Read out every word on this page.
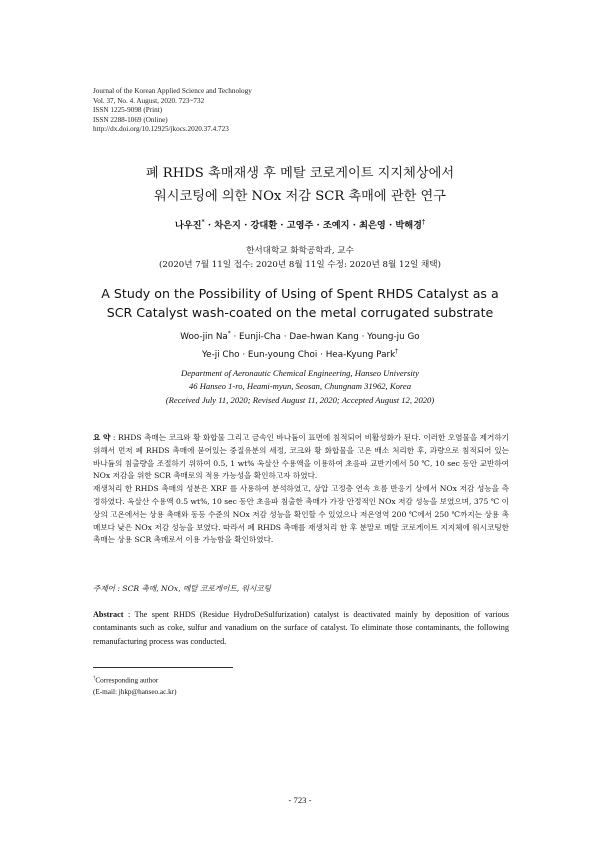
Journal of the Korean Applied Science and Technology
Vol. 37, No. 4. August, 2020. 723~732
ISSN 1225-9098 (Print)
ISSN 2288-1069 (Online)
http://dx.doi.org/10.12925/jkocs.2020.37.4.723
폐 RHDS 촉매재생 후 메탈 코로게이트 지지체상에서
워시코팅에 의한 NOx 저감 SCR 촉매에 관한 연구
나우진* · 차은지 · 강대환 · 고영주 · 조예지 · 최은영 · 박해경†
한서대학교 화학공학과, 교수
(2020년 7월 11일 접수: 2020년 8월 11일 수정: 2020년 8월 12일 채택)
A Study on the Possibility of Using of Spent RHDS Catalyst as a
SCR Catalyst wash-coated on the metal corrugated substrate
Woo-jin Na* · Eunji-Cha · Dae-hwan Kang · Young-ju Go
Ye-ji Cho · Eun-young Choi · Hea-Kyung Park†
Department of Aeronautic Chemical Engineering, Hanseo University
46 Hanseo 1-ro, Heami-myun, Seosan, Chungnam 31962, Korea
(Received July 11, 2020; Revised August 11, 2020; Accepted August 12, 2020)

요 약 : RHDS 촉매는 코크와 황 화합물 그리고 금속인 바나듐이 표면에 침적되어 비활성화가 된다. 이러한 오염물을 제거하기 위해서 먼저 폐 RHDS 촉매에 묻어있는 중질유분의 세정, 코크와 황 화합물을 고온 배소 처리한 후, 과량으로 침적되어 있는 바나듐의 침출량을 조절하기 위하여 0.5, 1 wt% 옥살산 수용액을 이용하여 초음파 교반기에서 50 ℃, 10 sec 동안 교반하여 NOx 저감을 위한 SCR 촉매로의 적용 가능성을 확인하고자 하였다.

재생처리 한 RHDS 촉매의 성분은 XRF 를 사용하여 분석하였고, 상압 고정층 연속 흐름 반응기 상에서 NOx 저감 성능을 측정하였다. 옥살산 수용액 0.5 wt%, 10 sec 동안 초음파 침출한 촉매가 가장 안정적인 NOx 저감 성능을 보였으며, 375 ℃ 이상의 고온에서는 상용 촉매와 동등 수준의 NOx 저감 성능을 확인할 수 있었으나 저온영역 200 ℃에서 250 ℃까지는 상용 촉매보다 낮은 NOx 저감 성능을 보였다. 따라서 폐 RHDS 촉매를 재생처리 한 후 분말로 메탈 코로게이트 지지체에 워시코팅한 촉매는 상용 SCR 촉매로서 이용 가능함을 확인하였다.

주제어 : SCR 촉매, NOx, 메탈 코로게이트, 워시코팅

Abstract : The spent RHDS (Residue HydroDeSulfurization) catalyst is deactivated mainly by deposition of various contaminants such as coke, sulfur and vanadium on the surface of catalyst. To eliminate those contaminants, the following remanufacturing process was conducted.

†Corresponding author
(E-mail: jhkp@hanseo.ac.kr)
- 723 -
